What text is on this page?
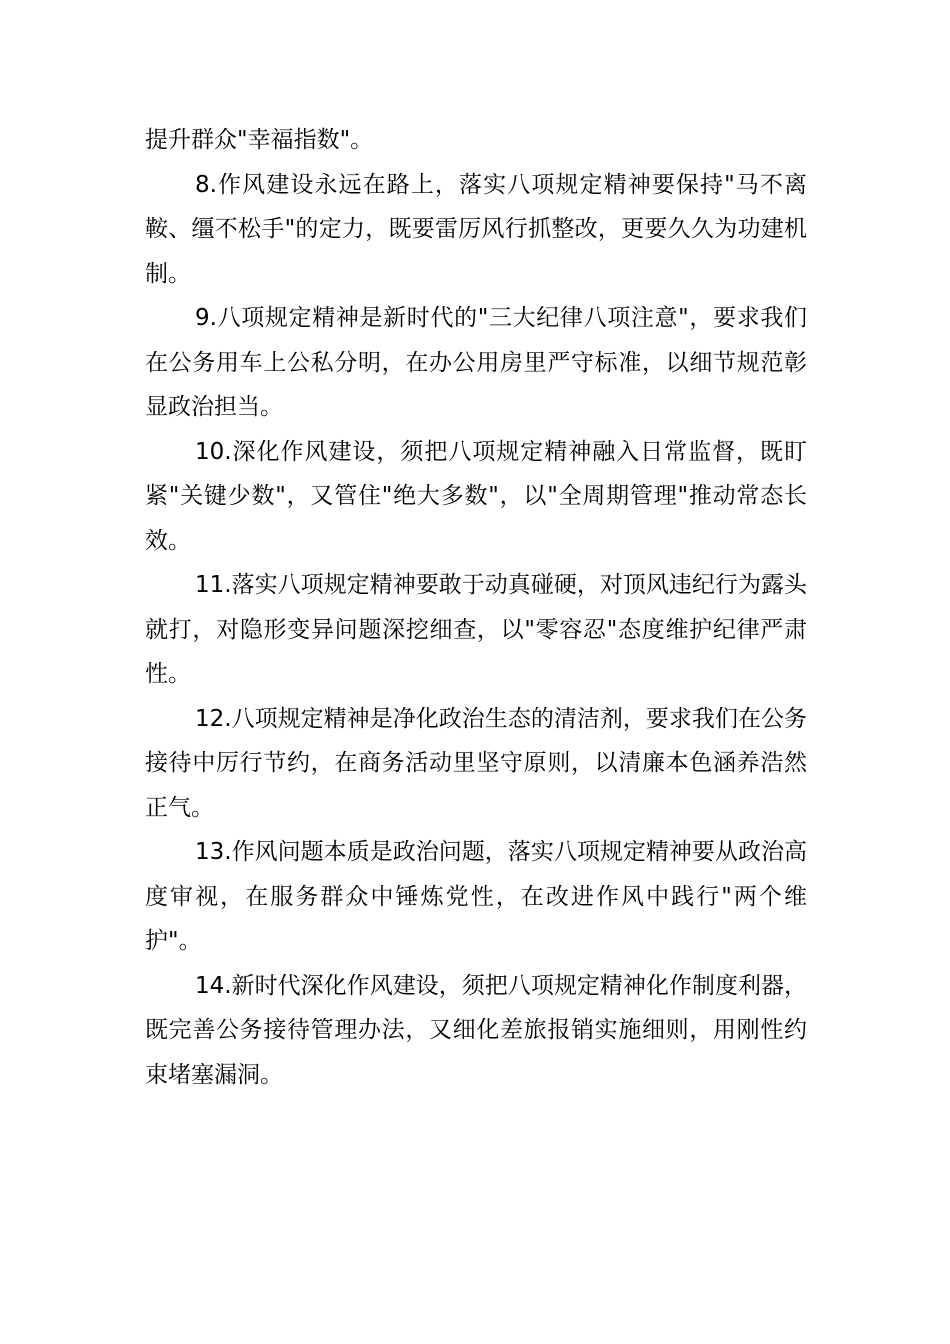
提升群众"幸福指数"。

8.作风建设永远在路上，落实八项规定精神要保持"马不离鞍、缰不松手"的定力，既要雷厉风行抓整改，更要久久为功建机制。

9.八项规定精神是新时代的"三大纪律八项注意"，要求我们在公务用车上公私分明，在办公用房里严守标准，以细节规范彰显政治担当。

10.深化作风建设，须把八项规定精神融入日常监督，既盯紧"关键少数"，又管住"绝大多数"，以"全周期管理"推动常态长效。

11.落实八项规定精神要敢于动真碰硬，对顶风违纪行为露头就打，对隐形变异问题深挖细查，以"零容忍"态度维护纪律严肃性。

12.八项规定精神是净化政治生态的清洁剂，要求我们在公务接待中厉行节约，在商务活动里坚守原则，以清廉本色涵养浩然正气。

13.作风问题本质是政治问题，落实八项规定精神要从政治高度审视，在服务群众中锤炼党性，在改进作风中践行"两个维护"。

14.新时代深化作风建设，须把八项规定精神化作制度利器，既完善公务接待管理办法，又细化差旅报销实施细则，用刚性约束堵塞漏洞。
